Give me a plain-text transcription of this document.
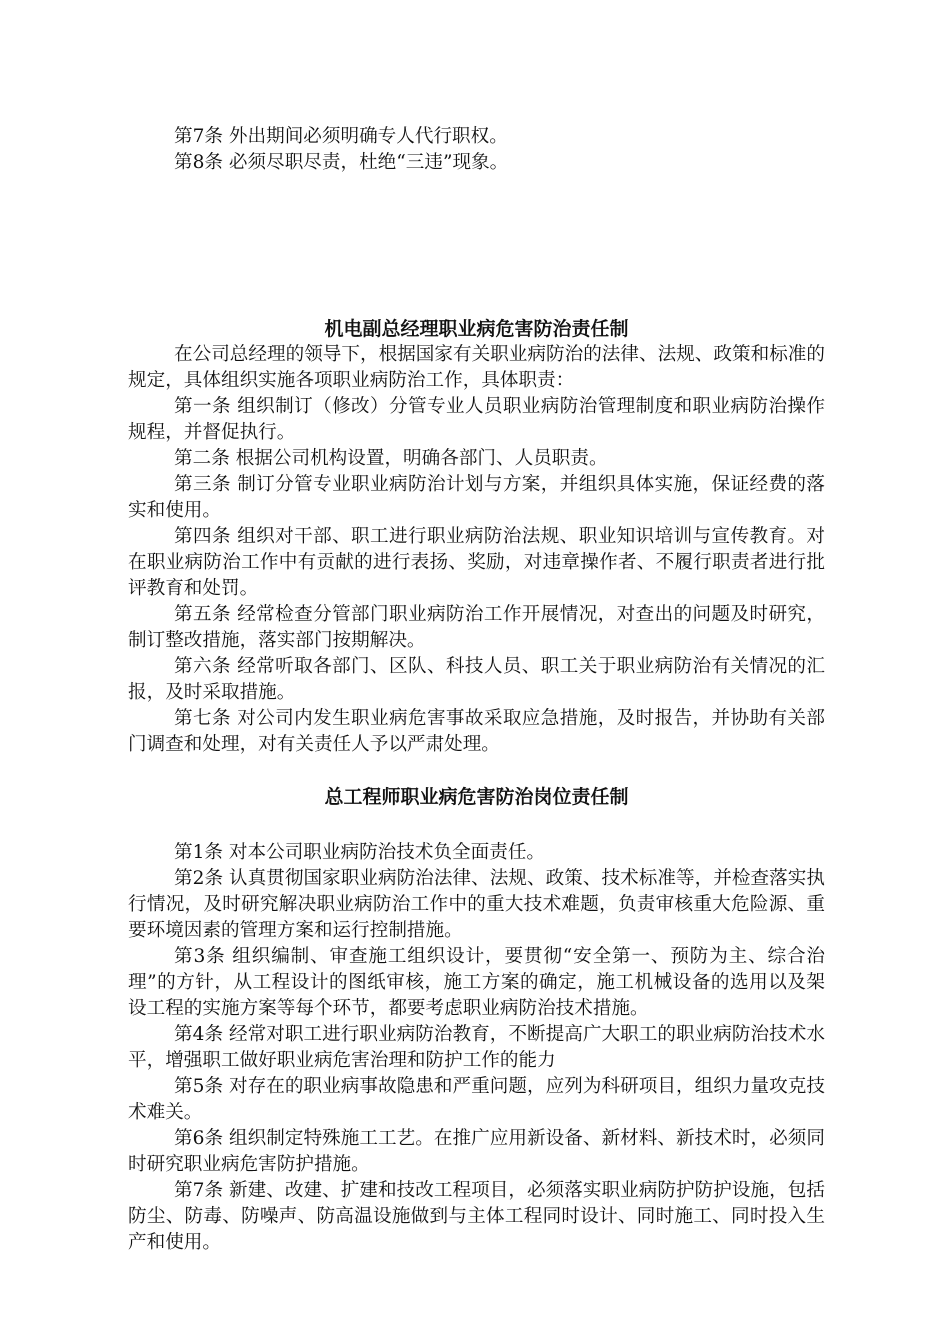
第7条 外出期间必须明确专人代行职权。

第8条 必须尽职尽责，杜绝“三违”现象。

机电副总经理职业病危害防治责任制

在公司总经理的领导下，根据国家有关职业病防治的法律、法规、政策和标准的规定，具体组织实施各项职业病防治工作，具体职责：

第一条 组织制订（修改）分管专业人员职业病防治管理制度和职业病防治操作规程，并督促执行。

第二条 根据公司机构设置，明确各部门、人员职责。

第三条 制订分管专业职业病防治计划与方案，并组织具体实施，保证经费的落实和使用。

第四条 组织对干部、职工进行职业病防治法规、职业知识培训与宣传教育。对在职业病防治工作中有贡献的进行表扬、奖励，对违章操作者、不履行职责者进行批评教育和处罚。

第五条 经常检查分管部门职业病防治工作开展情况，对查出的问题及时研究，制订整改措施，落实部门按期解决。

第六条 经常听取各部门、区队、科技人员、职工关于职业病防治有关情况的汇报，及时采取措施。

第七条 对公司内发生职业病危害事故采取应急措施，及时报告，并协助有关部门调查和处理，对有关责任人予以严肃处理。

总工程师职业病危害防治岗位责任制

第1条 对本公司职业病防治技术负全面责任。

第2条 认真贯彻国家职业病防治法律、法规、政策、技术标准等，并检查落实执行情况，及时研究解决职业病防治工作中的重大技术难题，负责审核重大危险源、重要环境因素的管理方案和运行控制措施。

第3条 组织编制、审查施工组织设计，要贯彻“安全第一、预防为主、综合治理”的方针，从工程设计的图纸审核，施工方案的确定，施工机械设备的选用以及架设工程的实施方案等每个环节，都要考虑职业病防治技术措施。

第4条 经常对职工进行职业病防治教育，不断提高广大职工的职业病防治技术水平，增强职工做好职业病危害治理和防护工作的能力

第5条 对存在的职业病事故隐患和严重问题，应列为科研项目，组织力量攻克技术难关。

第6条 组织制定特殊施工工艺。在推广应用新设备、新材料、新技术时，必须同时研究职业病危害防护措施。

第7条 新建、改建、扩建和技改工程项目，必须落实职业病防护防护设施，包括防尘、防毒、防噪声、防高温设施做到与主体工程同时设计、同时施工、同时投入生产和使用。
